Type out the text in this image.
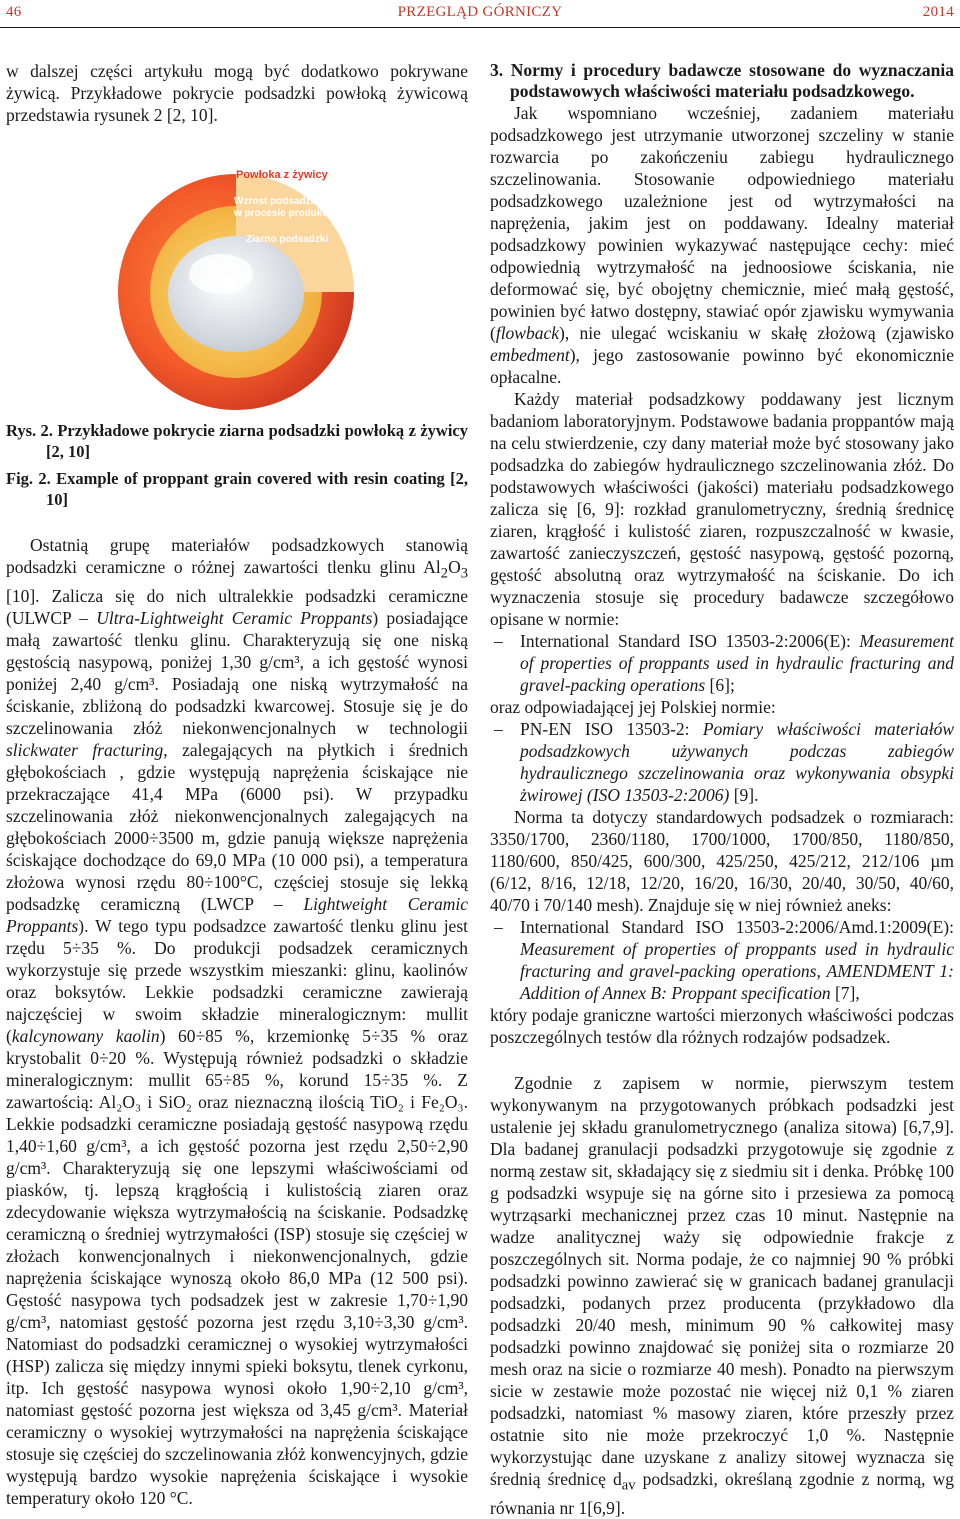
46	PRZEGLĄD GÓRNICZY	2014

w dalszej części artykułu mogą być dodatkowo pokrywane żywicą. Przykładowe pokrycie podsadzki powłoką żywicową przedstawia rysunek 2 [2, 10].

Powłoka z żywicy
Wzrost podsadzki
w procesie produkcji
Ziarno podsadzki

Rys. 2. Przykładowe pokrycie ziarna podsadzki powłoką z żywicy [2, 10]

Fig. 2. Example of proppant grain covered with resin coating [2, 10]

Ostatnią grupę materiałów podsadzkowych stanowią podsadzki ceramiczne o różnej zawartości tlenku glinu $Al_2O_3$ [10]. Zalicza się do nich ultralekkie podsadzki ceramiczne (ULWCP – Ultra-Lightweight Ceramic Proppants) posiadające małą zawartość tlenku glinu. Charakteryzują się one niską gęstością nasypową, poniżej 1,30 g/cm³, a ich gęstość wynosi poniżej 2,40 g/cm³. Posiadają one niską wytrzymałość na ściskanie, zbliżoną do podsadzki kwarcowej. Stosuje się je do szczelinowania złóż niekonwencjonalnych w technologii slickwater fracturing, zalegających na płytkich i średnich głębokościach , gdzie występują naprężenia ściskające nie przekraczające 41,4 MPa (6000 psi). W przypadku szczelinowania złóż niekonwencjonalnych zalegających na głębokościach 2000÷3500 m, gdzie panują większe naprężenia ściskające dochodzące do 69,0 MPa (10 000 psi), a temperatura złożowa wynosi rzędu 80÷100°C, częściej stosuje się lekką podsadzkę ceramiczną (LWCP – Lightweight Ceramic Proppants). W tego typu podsadzce zawartość tlenku glinu jest rzędu 5÷35 %. Do produkcji podsadzek ceramicznych wykorzystuje się przede wszystkim mieszanki: glinu, kaolinów oraz boksytów. Lekkie podsadzki ceramiczne zawierają najczęściej w swoim składzie mineralogicznym: mullit (kalcynowany kaolin) 60÷85 %, krzemionkę 5÷35 % oraz krystobalit 0÷20 %. Występują również podsadzki o składzie mineralogicznym: mullit 65÷85 %, korund 15÷35 %. Z zawartością: Al₂O₃ i SiO₂ oraz nieznaczną ilością TiO₂ i Fe₂O₃. Lekkie podsadzki ceramiczne posiadają gęstość nasypową rzędu 1,40÷1,60 g/cm³, a ich gęstość pozorna jest rzędu 2,50÷2,90 g/cm³. Charakteryzują się one lepszymi właściwościami od piasków, tj. lepszą krągłością i kulistością ziaren oraz zdecydowanie większa wytrzymałością na ściskanie. Podsadzkę ceramiczną o średniej wytrzymałości (ISP) stosuje się częściej w złożach konwencjonalnych i niekonwencjonalnych, gdzie naprężenia ściskające wynoszą około 86,0 MPa (12 500 psi). Gęstość nasypowa tych podsadzek jest w zakresie 1,70÷1,90 g/cm³, natomiast gęstość pozorna jest rzędu 3,10÷3,30 g/cm³. Natomiast do podsadzki ceramicznej o wysokiej wytrzymałości (HSP) zalicza się między innymi spieki boksytu, tlenek cyrkonu, itp. Ich gęstość nasypowa wynosi około 1,90÷2,10 g/cm³, natomiast gęstość pozorna jest większa od 3,45 g/cm³. Materiał ceramiczny o wysokiej wytrzymałości na naprężenia ściskające stosuje się częściej do szczelinowania złóż konwencyjnych, gdzie występują bardzo wysokie naprężenia ściskające i wysokie temperatury około 120 °C.

3. Normy i procedury badawcze stosowane do wyznaczania podstawowych właściwości materiału podsadzkowego.

Jak wspomniano wcześniej, zadaniem materiału podsadzkowego jest utrzymanie utworzonej szczeliny w stanie rozwarcia po zakończeniu zabiegu hydraulicznego szczelinowania. Stosowanie odpowiedniego materiału podsadzkowego uzależnione jest od wytrzymałości na naprężenia, jakim jest on poddawany. Idealny materiał podsadzkowy powinien wykazywać następujące cechy: mieć odpowiednią wytrzymałość na jednoosiowe ściskania, nie deformować się, być obojętny chemicznie, mieć małą gęstość, powinien być łatwo dostępny, stawiać opór zjawisku wymywania (flowback), nie ulegać wciskaniu w skałę złożową (zjawisko embedment), jego zastosowanie powinno być ekonomicznie opłacalne.

Każdy materiał podsadzkowy poddawany jest licznym badaniom laboratoryjnym. Podstawowe badania proppantów mają na celu stwierdzenie, czy dany materiał może być stosowany jako podsadzka do zabiegów hydraulicznego szczelinowania złóż. Do podstawowych właściwości (jakości) materiału podsadzkowego zalicza się [6, 9]: rozkład granulometryczny, średnią średnicę ziaren, krągłość i kulistość ziaren, rozpuszczalność w kwasie, zawartość zanieczyszczeń, gęstość nasypową, gęstość pozorną, gęstość absolutną oraz wytrzymałość na ściskanie. Do ich wyznaczenia stosuje się procedury badawcze szczegółowo opisane w normie:

– International Standard ISO 13503-2:2006(E): Measurement of properties of proppants used in hydraulic fracturing and gravel-packing operations [6];

oraz odpowiadającej jej Polskiej normie:

– PN-EN ISO 13503-2: Pomiary właściwości materiałów podsadzkowych używanych podczas zabiegów hydraulicznego szczelinowania oraz wykonywania obsypki żwirowej (ISO 13503-2:2006) [9].

Norma ta dotyczy standardowych podsadzek o rozmiarach: 3350/1700, 2360/1180, 1700/1000, 1700/850, 1180/850, 1180/600, 850/425, 600/300, 425/250, 425/212, 212/106 µm (6/12, 8/16, 12/18, 12/20, 16/20, 16/30, 20/40, 30/50, 40/60, 40/70 i 70/140 mesh). Znajduje się w niej również aneks:

– International Standard ISO 13503-2:2006/Amd.1:2009(E): Measurement of properties of proppants used in hydraulic fracturing and gravel-packing operations, AMENDMENT 1: Addition of Annex B: Proppant specification [7],

który podaje graniczne wartości mierzonych właściwości podczas poszczególnych testów dla różnych rodzajów podsadzek.

Zgodnie z zapisem w normie, pierwszym testem wykonywanym na przygotowanych próbkach podsadzki jest ustalenie jej składu granulometrycznego (analiza sitowa) [6,7,9]. Dla badanej granulacji podsadzki przygotowuje się zgodnie z normą zestaw sit, składający się z siedmiu sit i denka. Próbkę 100 g podsadzki wsypuje się na górne sito i przesiewa za pomocą wytrząsarki mechanicznej przez czas 10 minut. Następnie na wadze analitycznej waży się odpowiednie frakcje z poszczególnych sit. Norma podaje, że co najmniej 90 % próbki podsadzki powinno zawierać się w granicach badanej granulacji podsadzki, podanych przez producenta (przykładowo dla podsadzki 20/40 mesh, minimum 90 % całkowitej masy podsadzki powinno znajdować się poniżej sita o rozmiarze 20 mesh oraz na sicie o rozmiarze 40 mesh). Ponadto na pierwszym sicie w zestawie może pozostać nie więcej niż 0,1 % ziaren podsadzki, natomiast % masowy ziaren, które przeszły przez ostatnie sito nie może przekroczyć 1,0 %. Następnie wykorzystując dane uzyskane z analizy sitowej wyznacza się średnią średnicę $d_{av}$ podsadzki, określaną zgodnie z normą, wg równania nr 1[6,9].
